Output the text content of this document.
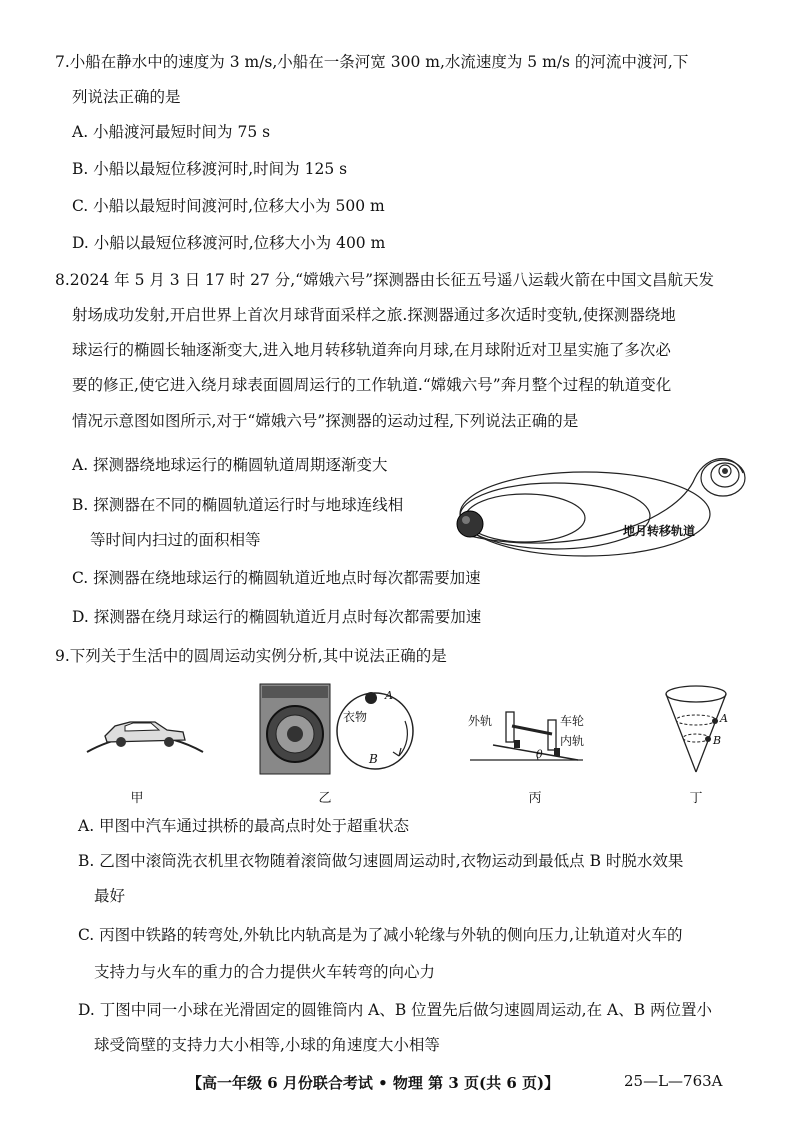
7.小船在静水中的速度为 3 m/s,小船在一条河宽 300 m,水流速度为 5 m/s 的河流中渡河,下
列说法正确的是
A. 小船渡河最短时间为 75 s
B. 小船以最短位移渡河时,时间为 125 s
C. 小船以最短时间渡河时,位移大小为 500 m
D. 小船以最短位移渡河时,位移大小为 400 m
8.2024 年 5 月 3 日 17 时 27 分,“嫦娥六号”探测器由长征五号遥八运载火箭在中国文昌航天发
射场成功发射,开启世界上首次月球背面采样之旅.探测器通过多次适时变轨,使探测器绕地
球运行的椭圆长轴逐渐变大,进入地月转移轨道奔向月球,在月球附近对卫星实施了多次必
要的修正,使它进入绕月球表面圆周运行的工作轨道.“嫦娥六号”奔月整个过程的轨道变化
情况示意图如图所示,对于“嫦娥六号”探测器的运动过程,下列说法正确的是
A. 探测器绕地球运行的椭圆轨道周期逐渐变大
B. 探测器在不同的椭圆轨道运行时与地球连线相
等时间内扫过的面积相等
C. 探测器在绕地球运行的椭圆轨道近地点时每次都需要加速
D. 探测器在绕月球运行的椭圆轨道近月点时每次都需要加速
地月转移轨道
9.下列关于生活中的圆周运动实例分析,其中说法正确的是
甲
A
衣物
B
乙
外轨	车轮
内轨
θ
丙
A
B
丁
A. 甲图中汽车通过拱桥的最高点时处于超重状态
B. 乙图中滚筒洗衣机里衣物随着滚筒做匀速圆周运动时,衣物运动到最低点 B 时脱水效果
最好
C. 丙图中铁路的转弯处,外轨比内轨高是为了减小轮缘与外轨的侧向压力,让轨道对火车的
支持力与火车的重力的合力提供火车转弯的向心力
D. 丁图中同一小球在光滑固定的圆锥筒内 A、B 位置先后做匀速圆周运动,在 A、B 两位置小
球受筒壁的支持力大小相等,小球的角速度大小相等
【高一年级 6 月份联合考试 • 物理 第 3 页(共 6 页)】	25—L—763A
